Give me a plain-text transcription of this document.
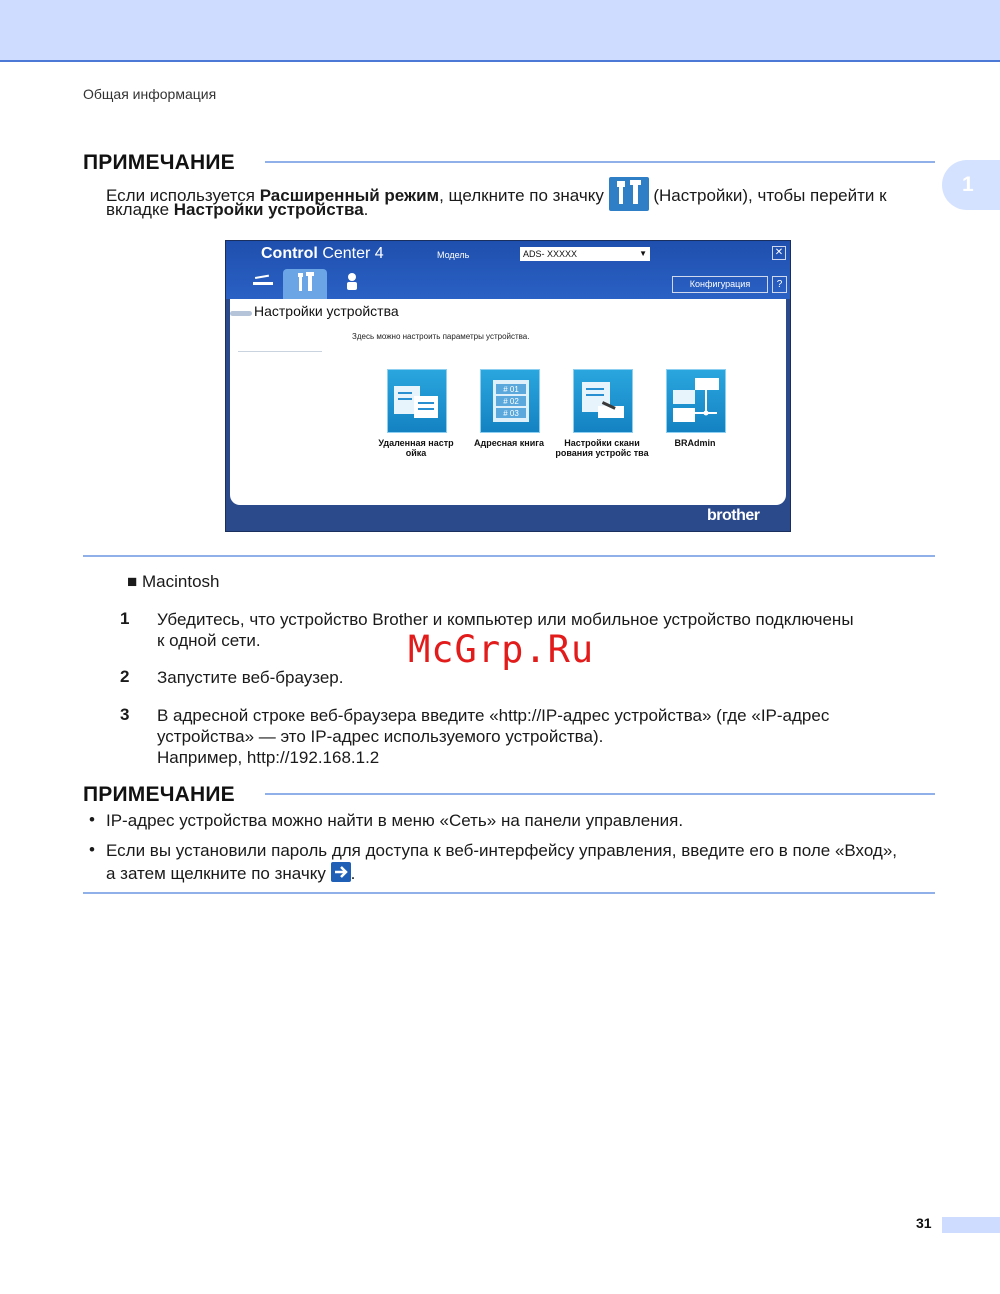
Общая информация
1
ПРИМЕЧАНИЕ
Если используется Расширенный режим, щелкните по значку  (Настройки), чтобы перейти к
вкладке Настройки устройства.
Control Center 4	Модель	ADS- XXXXX	▼	✕
Конфигурация	?
Настройки устройства
Здесь можно настроить параметры устройства.
# 01
# 02
# 03
Удаленная настр ойка
Адресная книга	Настройки скани рования устройс тва
BRAdmin
brother
■ Macintosh
1 Убедитесь, что устройство Brother и компьютер или мобильное устройство подключены
к одной сети.
2 Запустите веб-браузер.
3 В адресной строке веб-браузера введите «http://IP-адрес устройства» (где «IP-адрес
устройства» — это IP-адрес используемого устройства).
Например, http://192.168.1.2
McGrp.Ru
ПРИМЕЧАНИЕ
• IP-адрес устройства можно найти в меню «Сеть» на панели управления.
• Если вы установили пароль для доступа к веб-интерфейсу управления, введите его в поле «Вход»,
а затем щелкните по значку .
31
